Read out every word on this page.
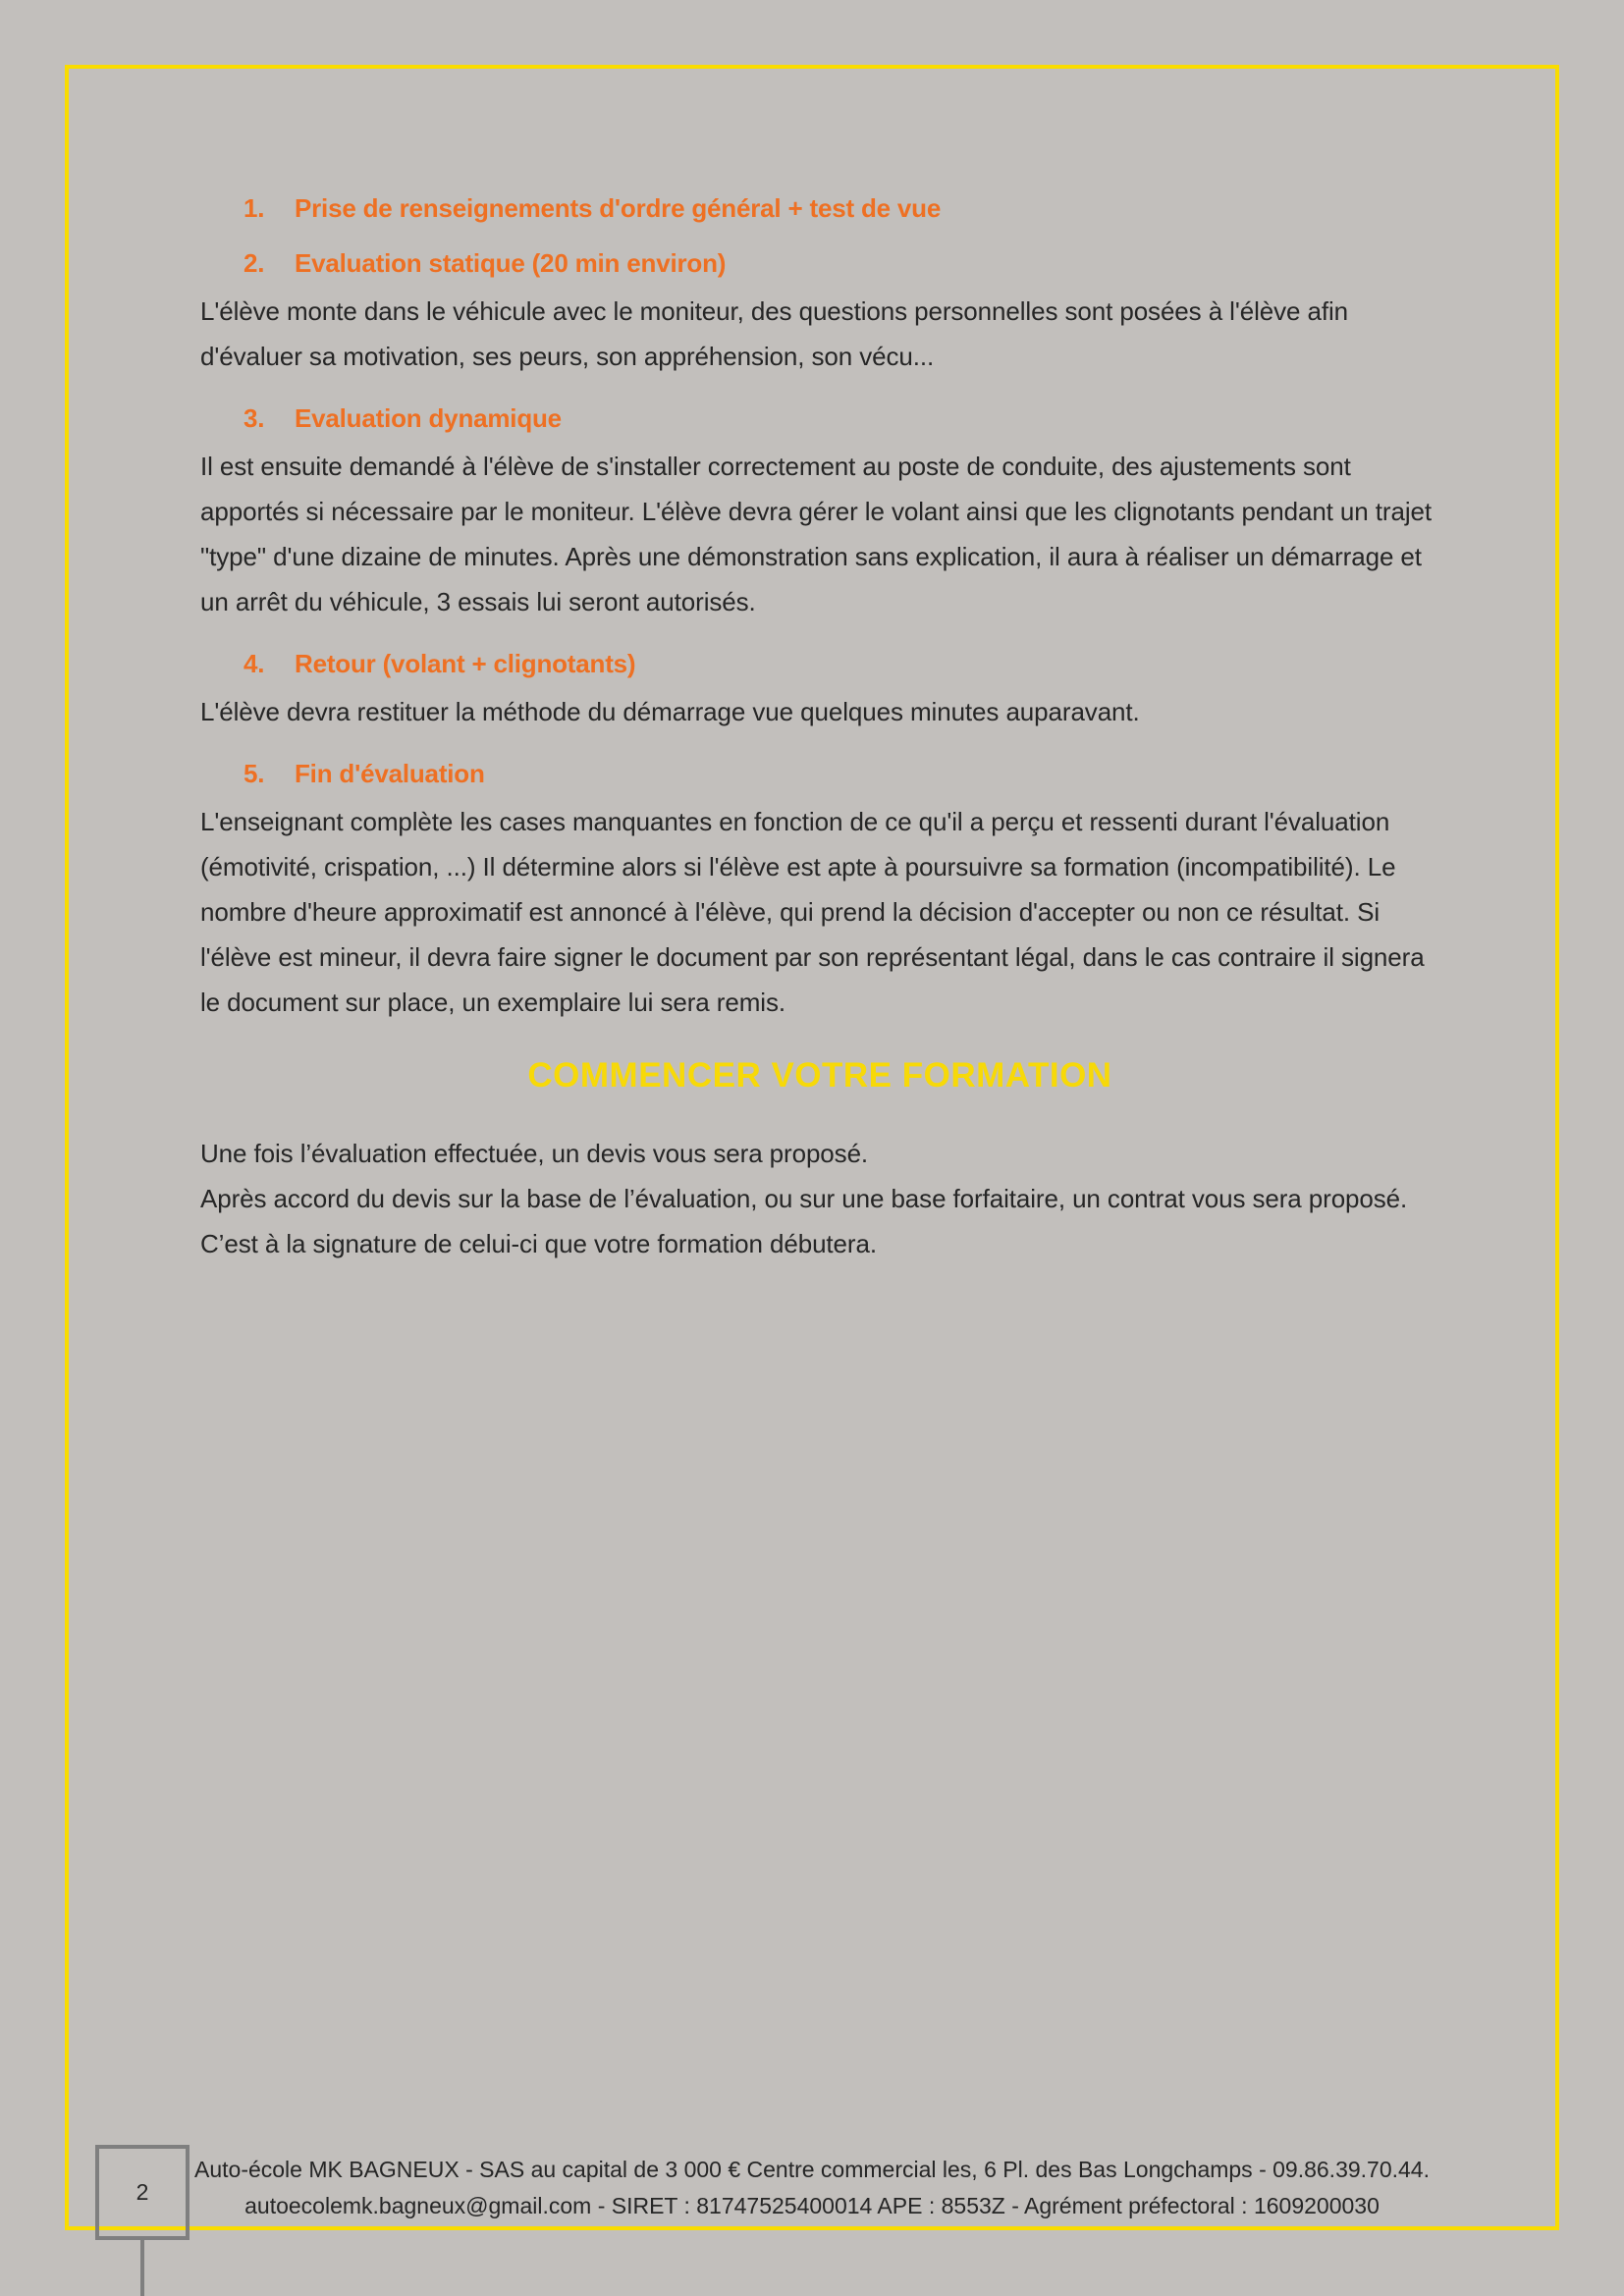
1.	Prise de renseignements d'ordre général + test de vue
2.	Evaluation statique (20 min environ)

L'élève monte dans le véhicule avec le moniteur, des questions personnelles sont posées à l'élève afin d'évaluer sa motivation, ses peurs, son appréhension, son vécu...

3.	Evaluation dynamique

Il est ensuite demandé à l'élève de s'installer correctement au poste de conduite, des ajustements sont apportés si nécessaire par le moniteur. L'élève devra gérer le volant ainsi que les clignotants pendant un trajet "type" d'une dizaine de minutes. Après une démonstration sans explication, il aura à réaliser un démarrage et un arrêt du véhicule, 3 essais lui seront autorisés.

4.	Retour (volant + clignotants)

L'élève devra restituer la méthode du démarrage vue quelques minutes auparavant.

5.	Fin d'évaluation

L'enseignant complète les cases manquantes en fonction de ce qu'il a perçu et ressenti durant l'évaluation (émotivité, crispation, ...) Il détermine alors si l'élève est apte à poursuivre sa formation (incompatibilité). Le nombre d'heure approximatif est annoncé à l'élève, qui prend la décision d'accepter ou non ce résultat. Si l'élève est mineur, il devra faire signer le document par son représentant légal, dans le cas contraire il signera le document sur place, un exemplaire lui sera remis.

COMMENCER VOTRE FORMATION

Une fois l’évaluation effectuée, un devis vous sera proposé.

Après accord du devis sur la base de l’évaluation, ou sur une base forfaitaire, un contrat vous sera proposé. C’est à la signature de celui-ci que votre formation débutera.

Auto-école MK BAGNEUX - SAS au capital de 3 000 € Centre commercial les, 6 Pl. des Bas Longchamps - 09.86.39.70.44.
autoecolemk.bagneux@gmail.com - SIRET : 81747525400014 APE : 8553Z - Agrément préfectoral : 1609200030
2
